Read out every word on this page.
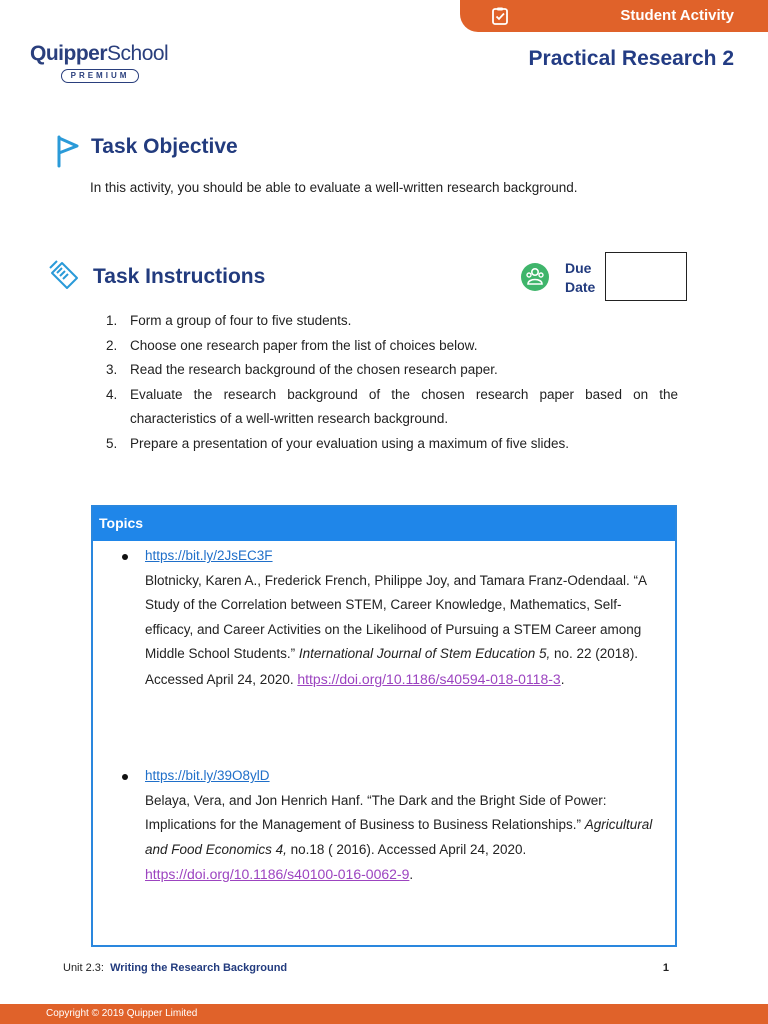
Student Activity
QuipperSchool
PREMIUM
Practical Research 2
Task Objective
In this activity, you should be able to evaluate a well-written research background.
Task Instructions	Due Date
1. Form a group of four to five students.
2. Choose one research paper from the list of choices below.
3. Read the research background of the chosen research paper.
4. Evaluate the research background of the chosen research paper based on the characteristics of a well-written research background.
5. Prepare a presentation of your evaluation using a maximum of five slides.
Topics
https://bit.ly/2JsEC3F
Blotnicky, Karen A., Frederick French, Philippe Joy, and Tamara Franz-Odendaal. “A Study of the Correlation between STEM, Career Knowledge, Mathematics, Self-efficacy, and Career Activities on the Likelihood of Pursuing a STEM Career among Middle School Students.” International Journal of Stem Education 5, no. 22 (2018). Accessed April 24, 2020. https://doi.org/10.1186/s40594-018-0118-3.
https://bit.ly/39O8ylD
Belaya, Vera, and Jon Henrich Hanf. “The Dark and the Bright Side of Power: Implications for the Management of Business to Business Relationships.” Agricultural and Food Economics 4, no.18 ( 2016). Accessed April 24, 2020. https://doi.org/10.1186/s40100-016-0062-9.
Unit 2.3: Writing the Research Background	1
Copyright © 2019 Quipper Limited
